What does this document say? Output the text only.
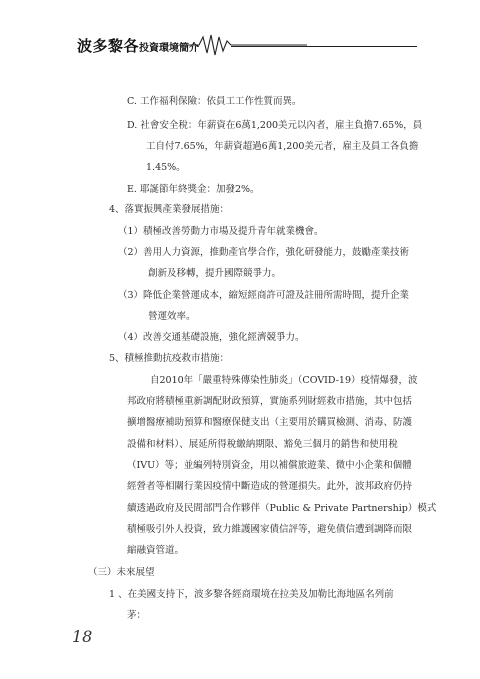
波多黎各投資環境簡介
C. 工作福利保險：依員工工作性質而異。
D. 社會安全稅：年薪資在6萬1,200美元以內者，雇主負擔7.65%，員
工自付7.65%，年薪資超過6萬1,200美元者，雇主及員工各負擔
1.45%。
E. 耶誕節年終獎金：加發2%。
4、落實振興產業發展措施：
（1）積極改善勞動力市場及提升青年就業機會。
（2）善用人力資源，推動產官學合作，強化研發能力，鼓勵產業技術
創新及移轉，提升國際競爭力。
（3）降低企業營運成本，縮短經商許可證及註冊所需時間，提升企業
營運效率。
（4）改善交通基礎設施，強化經濟競爭力。
5、積極推動抗疫救市措施：
自2010年「嚴重特殊傳染性肺炎」（COVID-19）疫情爆發，波
邦政府將積極重新調配財政預算，實施系列財經救市措施，其中包括
擴增醫療補助預算和醫療保健支出（主要用於購買檢測、消毒、防護
設備和材料）、展延所得稅繳納期限、豁免三個月的銷售和使用稅
（IVU）等；並編列特別資金，用以補償旅遊業、微中小企業和個體
經營者等相關行業因疫情中斷造成的營運損失。此外，波邦政府仍持
續透過政府及民間部門合作夥伴（Public & Private Partnership）模式
積極吸引外人投資，致力維護國家債信評等，避免債信遭到調降而限
縮融資管道。
（三）未來展望
1 、在美國支持下，波多黎各經商環境在拉美及加勒比海地區名列前
茅：
18
